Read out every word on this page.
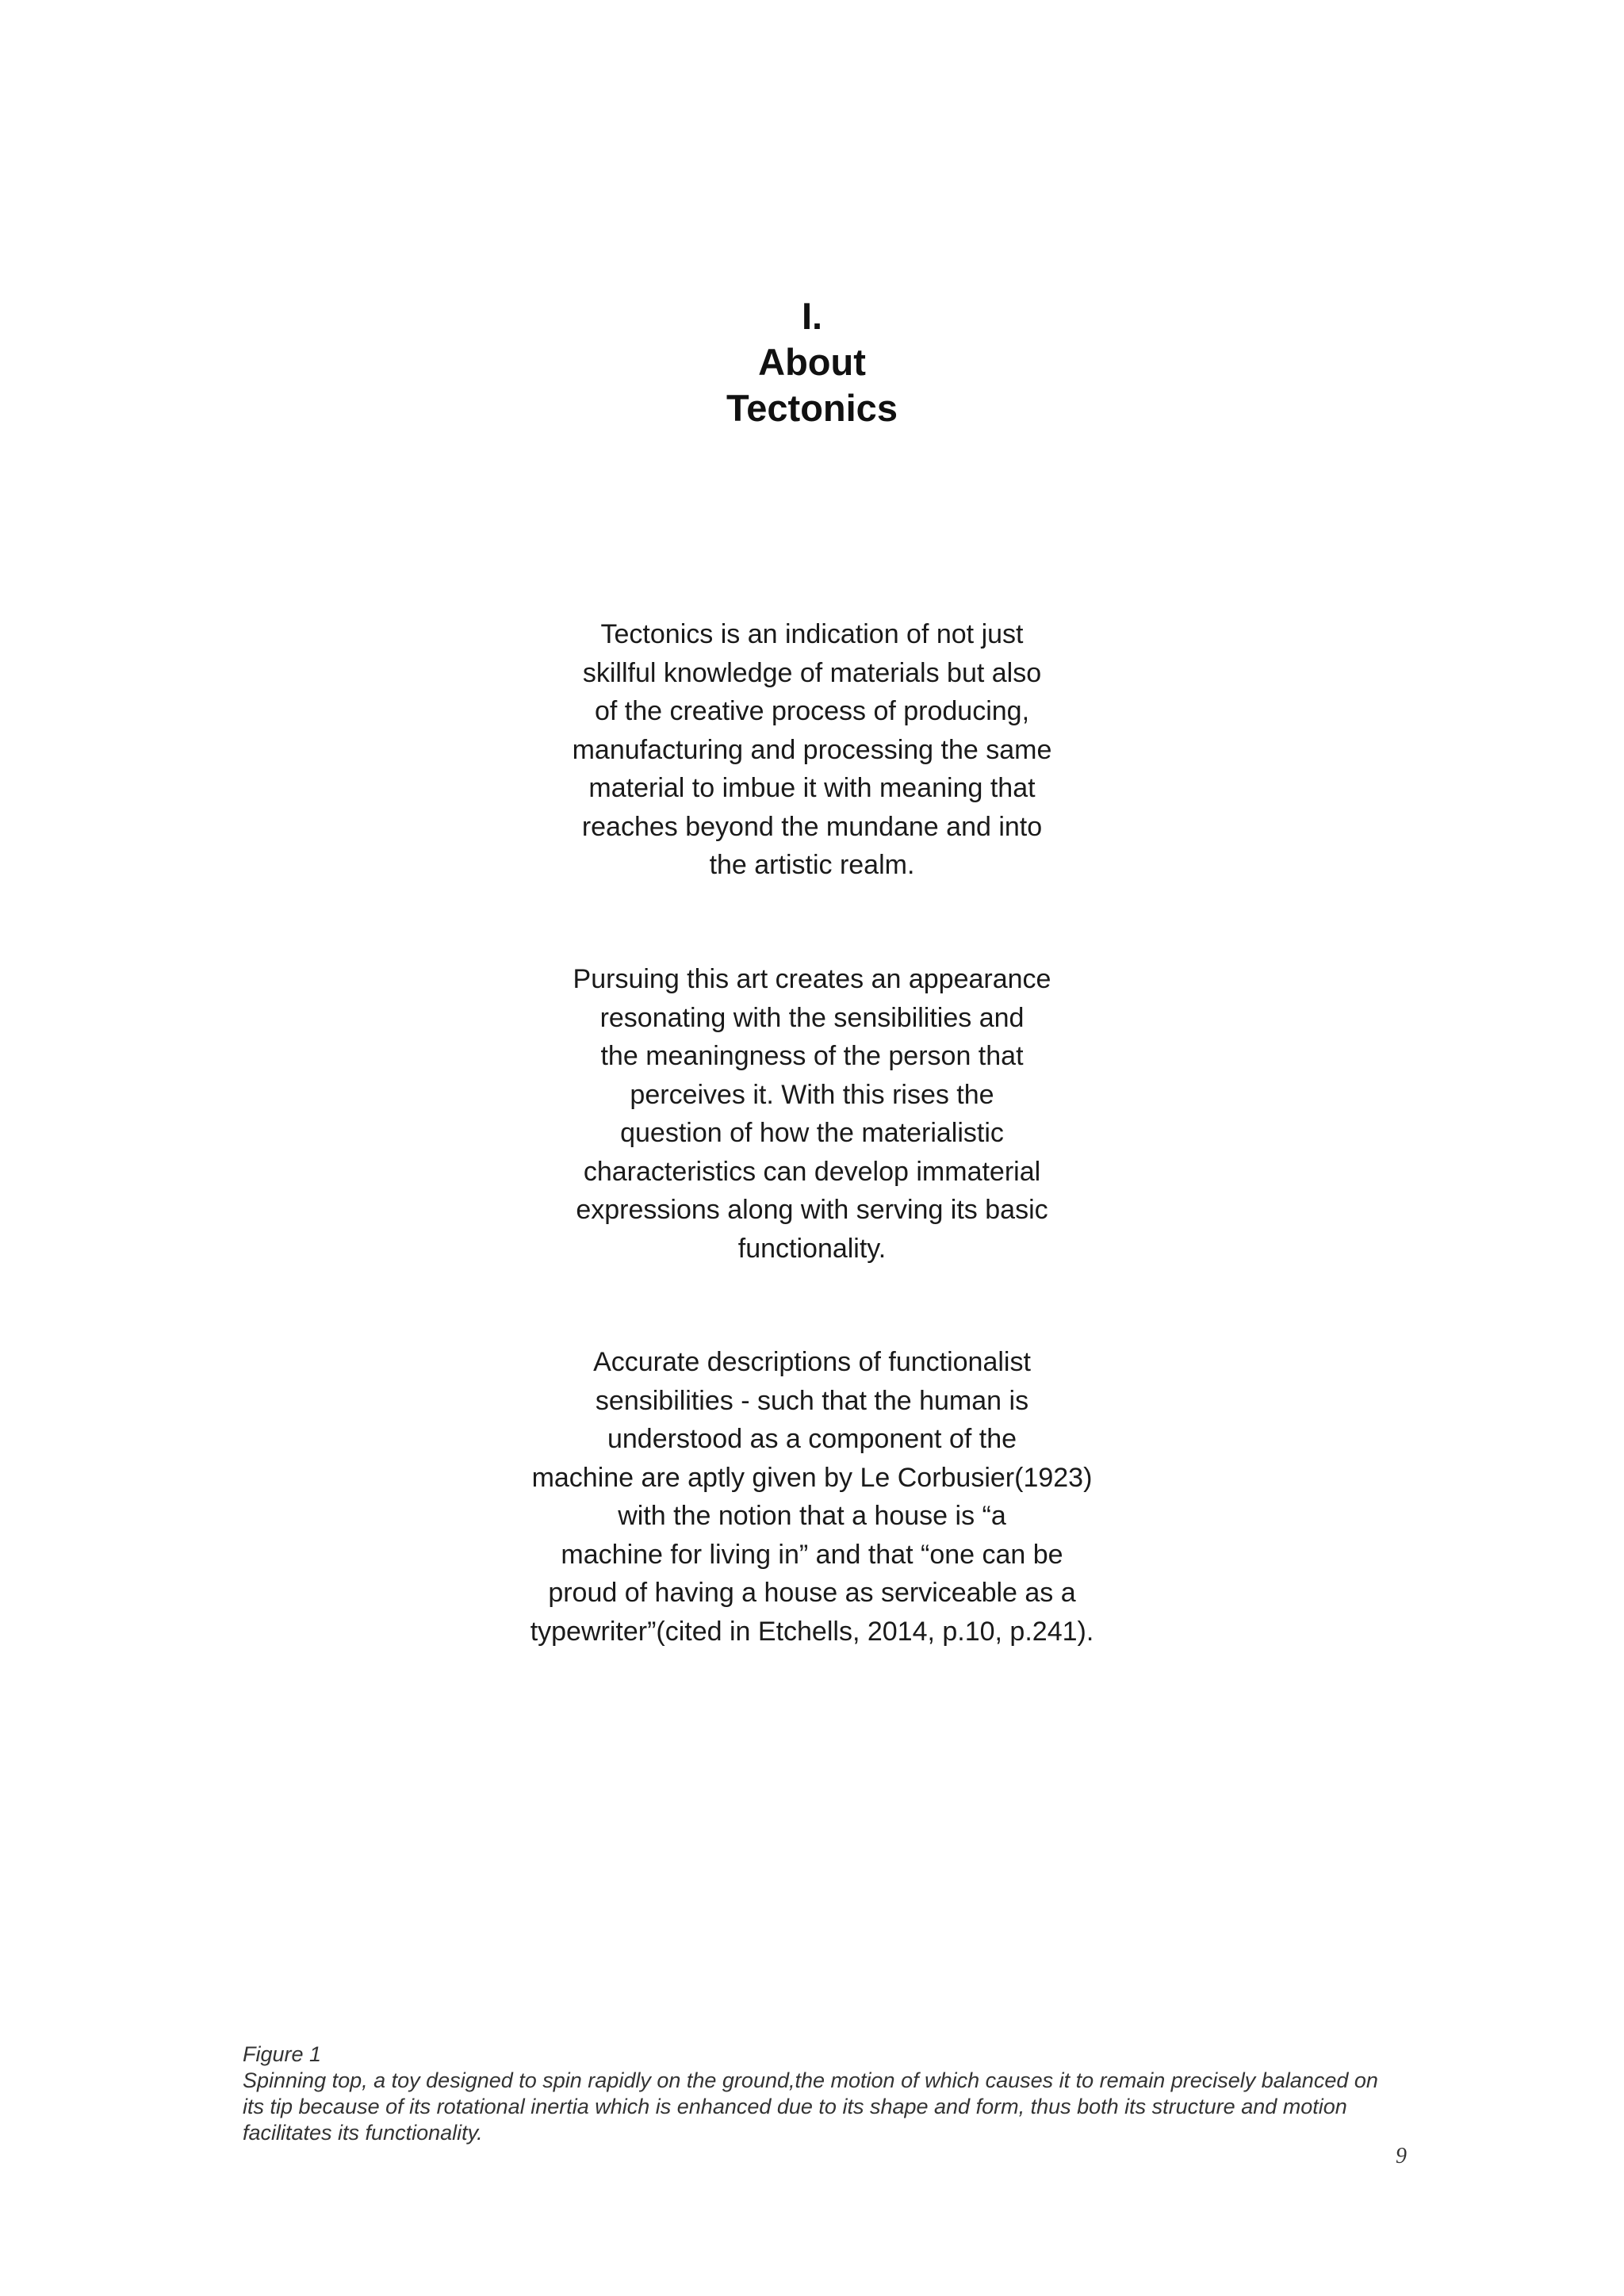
I.
About
Tectonics

Tectonics is an indication of not just
skillful knowledge of materials but also
of the creative process of producing,
manufacturing and processing the same
material to imbue it with meaning that
reaches beyond the mundane and into
the artistic realm.

Pursuing this art creates an appearance
resonating with the sensibilities and
the meaningness of the person that
perceives it. With this rises the
question of how the materialistic
characteristics can develop immaterial
expressions along with serving its basic
functionality.

Accurate descriptions of functionalist
sensibilities - such that the human is
understood as a component of the
machine are aptly given by Le Corbusier(1923)
with the notion that a house is “a
machine for living in” and that “one can be
proud of having a house as serviceable as a
typewriter”(cited in Etchells, 2014, p.10, p.241).

Figure 1
Spinning top, a toy designed to spin rapidly on the ground,the motion of which causes it to remain precisely balanced on
its tip because of its rotational inertia which is enhanced due to its shape and form, thus both its structure and motion
facilitates its functionality.
9
